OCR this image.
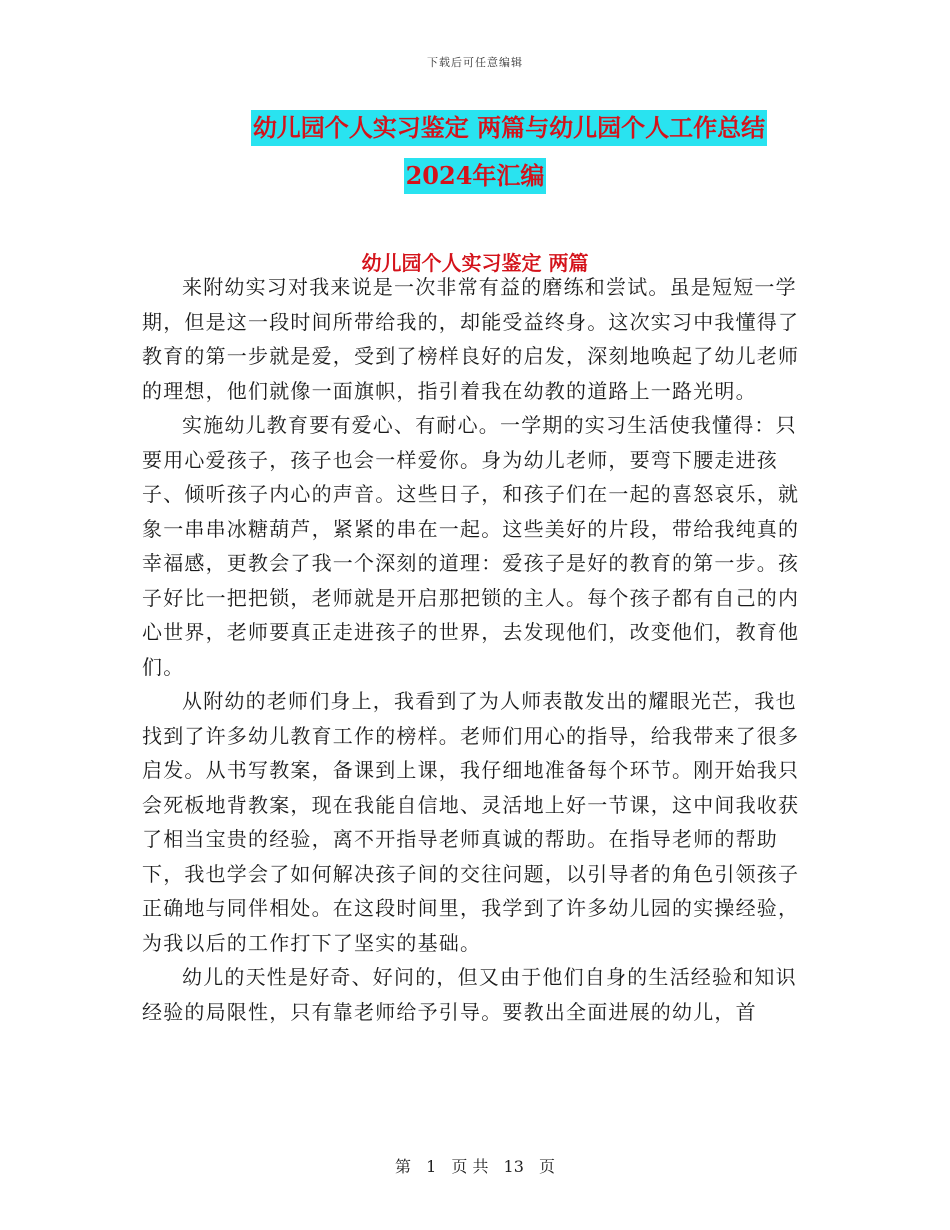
下载后可任意编辑
幼儿园个人实习鉴定 两篇与幼儿园个人工作总结
2024年汇编
幼儿园个人实习鉴定 两篇

来附幼实习对我来说是一次非常有益的磨练和尝试。虽是短短一学期，但是这一段时间所带给我的，却能受益终身。这次实习中我懂得了教育的第一步就是爱，受到了榜样良好的启发，深刻地唤起了幼儿老师的理想，他们就像一面旗帜，指引着我在幼教的道路上一路光明。

实施幼儿教育要有爱心、有耐心。一学期的实习生活使我懂得：只要用心爱孩子，孩子也会一样爱你。身为幼儿老师，要弯下腰走进孩子、倾听孩子内心的声音。这些日子，和孩子们在一起的喜怒哀乐，就象一串串冰糖葫芦，紧紧的串在一起。这些美好的片段，带给我纯真的幸福感，更教会了我一个深刻的道理：爱孩子是好的教育的第一步。孩子好比一把把锁，老师就是开启那把锁的主人。每个孩子都有自己的内心世界，老师要真正走进孩子的世界，去发现他们，改变他们，教育他们。

从附幼的老师们身上，我看到了为人师表散发出的耀眼光芒，我也找到了许多幼儿教育工作的榜样。老师们用心的指导，给我带来了很多启发。从书写教案，备课到上课，我仔细地准备每个环节。刚开始我只会死板地背教案，现在我能自信地、灵活地上好一节课，这中间我收获了相当宝贵的经验，离不开指导老师真诚的帮助。在指导老师的帮助下，我也学会了如何解决孩子间的交往问题，以引导者的角色引领孩子正确地与同伴相处。在这段时间里，我学到了许多幼儿园的实操经验，为我以后的工作打下了坚实的基础。

幼儿的天性是好奇、好问的，但又由于他们自身的生活经验和知识经验的局限性，只有靠老师给予引导。要教出全面进展的幼儿，首

第 1 页 共 13 页
